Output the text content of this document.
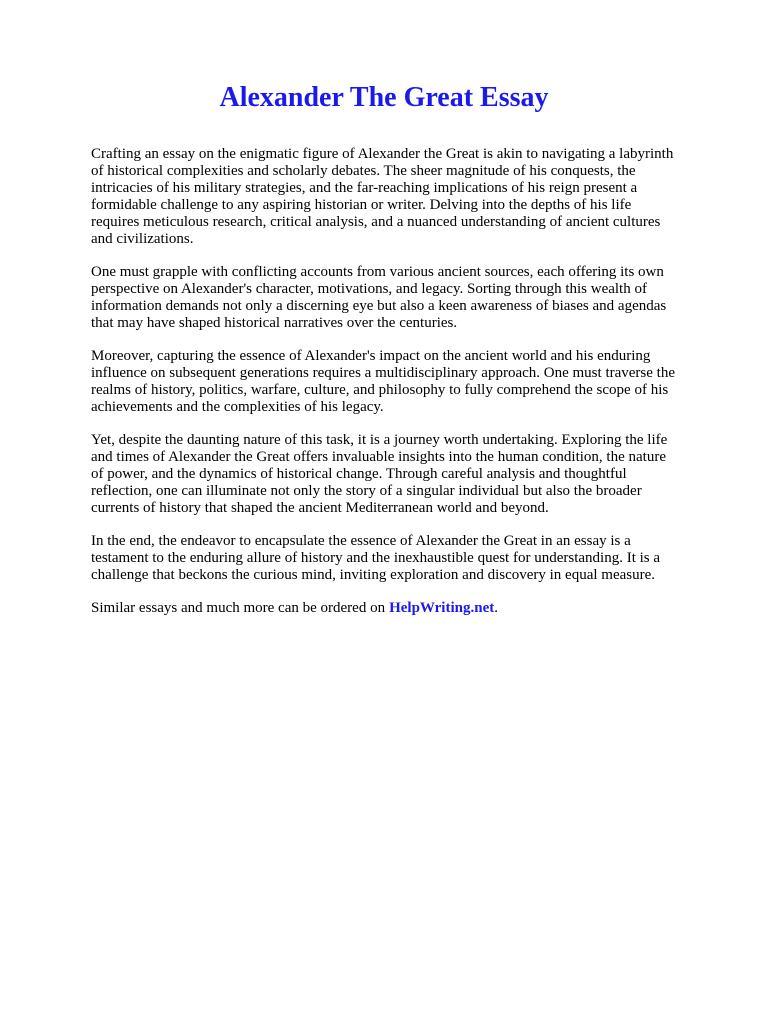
Alexander The Great Essay

Crafting an essay on the enigmatic figure of Alexander the Great is akin to navigating a labyrinth of historical complexities and scholarly debates. The sheer magnitude of his conquests, the intricacies of his military strategies, and the far-reaching implications of his reign present a formidable challenge to any aspiring historian or writer. Delving into the depths of his life requires meticulous research, critical analysis, and a nuanced understanding of ancient cultures and civilizations.

One must grapple with conflicting accounts from various ancient sources, each offering its own perspective on Alexander's character, motivations, and legacy. Sorting through this wealth of information demands not only a discerning eye but also a keen awareness of biases and agendas that may have shaped historical narratives over the centuries.

Moreover, capturing the essence of Alexander's impact on the ancient world and his enduring influence on subsequent generations requires a multidisciplinary approach. One must traverse the realms of history, politics, warfare, culture, and philosophy to fully comprehend the scope of his achievements and the complexities of his legacy.

Yet, despite the daunting nature of this task, it is a journey worth undertaking. Exploring the life and times of Alexander the Great offers invaluable insights into the human condition, the nature of power, and the dynamics of historical change. Through careful analysis and thoughtful reflection, one can illuminate not only the story of a singular individual but also the broader currents of history that shaped the ancient Mediterranean world and beyond.

In the end, the endeavor to encapsulate the essence of Alexander the Great in an essay is a testament to the enduring allure of history and the inexhaustible quest for understanding. It is a challenge that beckons the curious mind, inviting exploration and discovery in equal measure.

Similar essays and much more can be ordered on HelpWriting.net.
